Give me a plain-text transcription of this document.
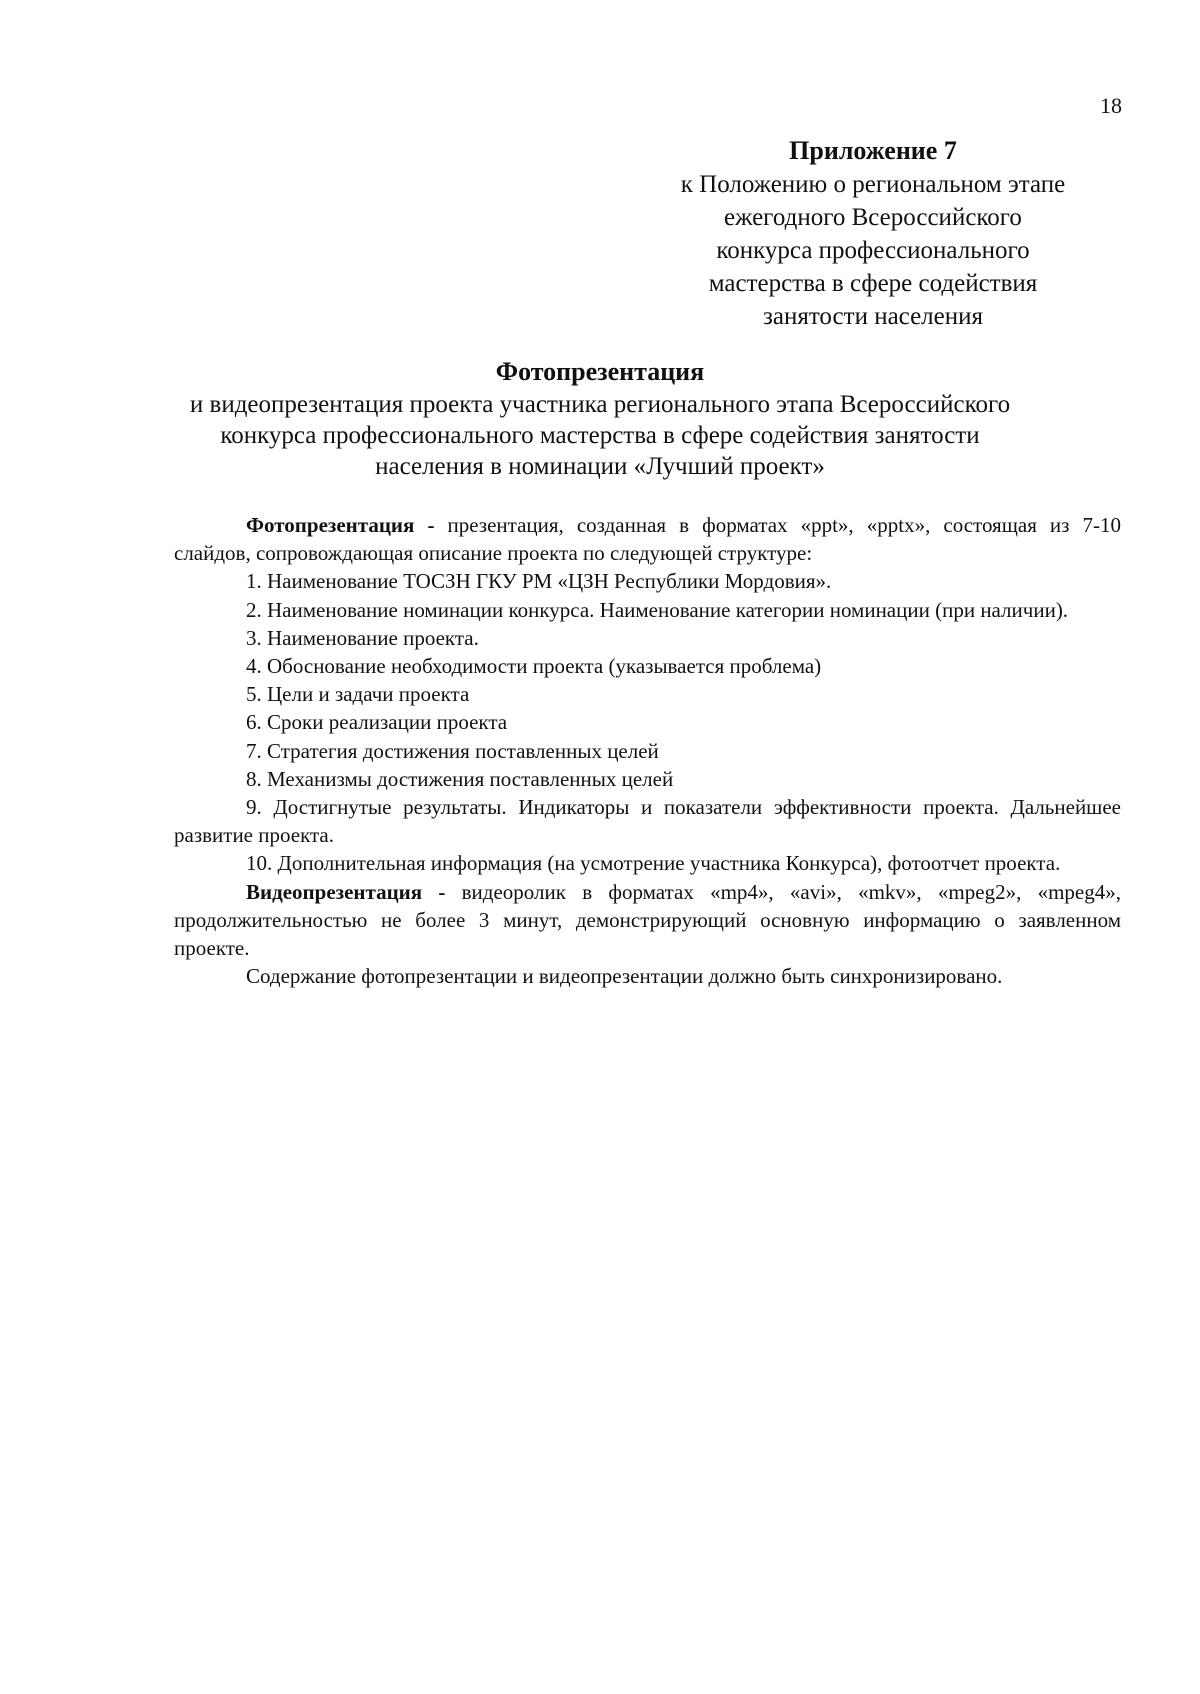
18
Приложение 7
к Положению о региональном этапе
ежегодного Всероссийского
конкурса профессионального
мастерства в сфере содействия
занятости населения
Фотопрезентация
и видеопрезентация проекта участника регионального этапа Всероссийского
конкурса профессионального мастерства в сфере содействия занятости
населения в номинации «Лучший проект»

Фотопрезентация - презентация, созданная в форматах «ppt», «pptx», состоящая из 7-10 слайдов, сопровождающая описание проекта по следующей структуре:

1. Наименование ТОСЗН ГКУ РМ «ЦЗН Республики Мордовия».

2. Наименование номинации конкурса. Наименование категории номинации (при наличии).

3. Наименование проекта.

4. Обоснование необходимости проекта (указывается проблема)

5. Цели и задачи проекта

6. Сроки реализации проекта

7. Стратегия достижения поставленных целей

8. Механизмы достижения поставленных целей

9. Достигнутые результаты. Индикаторы и показатели эффективности проекта. Дальнейшее развитие проекта.

10. Дополнительная информация (на усмотрение участника Конкурса), фотоотчет проекта.

Видеопрезентация - видеоролик в форматах «mp4», «avi», «mkv», «mpeg2», «mpeg4», продолжительностью не более 3 минут, демонстрирующий основную информацию о заявленном проекте.

Содержание фотопрезентации и видеопрезентации должно быть синхронизировано.
